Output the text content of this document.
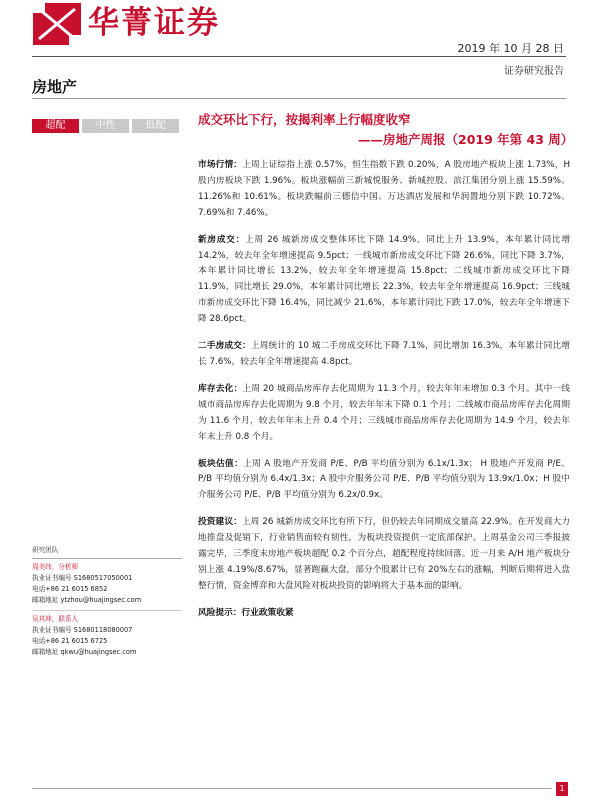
华菁证券
2019 年 10 月 28 日
证券研究报告
房地产
超配	中性	低配	成交环比下行，按揭利率上行幅度收窄
——房地产周报（2019 年第 43 周）

市场行情：上周上证综指上涨 0.57%，恒生指数下跌 0.20%，A 股房地产板块上涨 1.73%，H 股内房板块下跌 1.96%。板块涨幅前三新城悦服务、新城控股、滨江集团分别上涨 15.59%、11.26%和 10.61%。板块跌幅前三德信中国、万达酒店发展和华润置地分别下跌 10.72%、7.69%和 7.46%。

新房成交：上周 26 城新房成交整体环比下降 14.9%，同比上升 13.9%，本年累计同比增 14.2%，较去年全年增速提高 9.5pct；一线城市新房成交环比下降 26.6%，同比下降 3.7%，本年累计同比增长 13.2%，较去年全年增速提高 15.8pct；二线城市新房成交环比下降 11.9%，同比增长 29.0%，本年累计同比增长 22.3%，较去年全年增速提高 16.9pct；三线城市新房成交环比下降 16.4%，同比减少 21.6%，本年累计同比下跌 17.0%，较去年全年增速下降 28.6pct。

二手房成交：上周统计的 10 城二手房成交环比下降 7.1%，同比增加 16.3%，本年累计同比增长 7.6%，较去年全年增速提高 4.8pct。

库存去化：上周 20 城商品房库存去化周期为 11.3 个月，较去年年末增加 0.3 个月。其中一线城市商品房库存去化周期为 9.8 个月，较去年年末下降 0.1 个月；二线城市商品房库存去化周期为 11.6 个月，较去年年末上升 0.4 个月；三线城市商品房库存去化周期为 14.9 个月，较去年年末上升 0.8 个月。

板块估值：上周 A 股地产开发商 P/E、P/B 平均值分别为 6.1x/1.3x； H 股地产开发商 P/E、P/B 平均值分别为 6.4x/1.3x；A 股中介服务公司 P/E、P/B 平均值分别为 13.9x/1.0x；H 股中介服务公司 P/E、P/B 平均值分别为 6.2x/0.9x。

投资建议：上周 26 城新房成交环比有所下行，但仍较去年同期成交量高 22.9%。在开发商大力地推盘及促销下，行业销售面较有韧性，为板块投资提供一定底部保护。上周基金公司三季报披露完毕，三季度末房地产板块超配 0.2 个百分点，超配程度持续回落。近一月来 A/H 地产板块分别上涨 4.19%/8.67%，显著跑赢大盘，部分个股累计已有 20%左右的涨幅，判断后期将进入盘整行情，资金博弈和大盘风险对板块投资的影响将大于基本面的影响。

风险提示：行业政策收紧
研究团队
周美纬，分析师
执业证书编号 S1680517050001
电话+86 21 6015 6852
邮箱地址 ytzhou@huajingsec.com
吴其坤，联系人
执业证书编号 S1680118080007
电话+86 21 6015 6725
邮箱地址 qkwu@huajingsec.com
1
